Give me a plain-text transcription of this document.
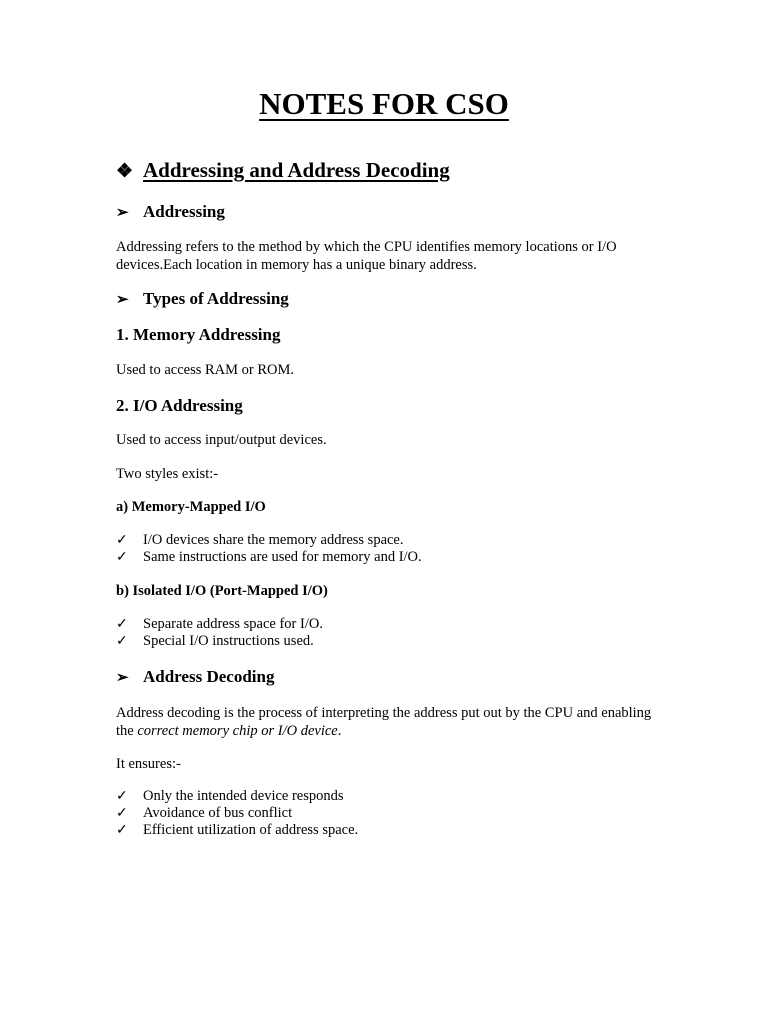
NOTES FOR CSO
❖ Addressing and Address Decoding
➢ Addressing

Addressing refers to the method by which the CPU identifies memory locations or I/O devices.Each location in memory has a unique binary address.

➢ Types of Addressing
1. Memory Addressing

Used to access RAM or ROM.

2. I/O Addressing

Used to access input/output devices.

Two styles exist:-

a) Memory-Mapped I/O
✓ I/O devices share the memory address space.
✓ Same instructions are used for memory and I/O.
b) Isolated I/O (Port-Mapped I/O)
✓ Separate address space for I/O.
✓ Special I/O instructions used.
➢ Address Decoding

Address decoding is the process of interpreting the address put out by the CPU and enabling the correct memory chip or I/O device.

It ensures:-

✓ Only the intended device responds
✓ Avoidance of bus conflict
✓ Efficient utilization of address space.
